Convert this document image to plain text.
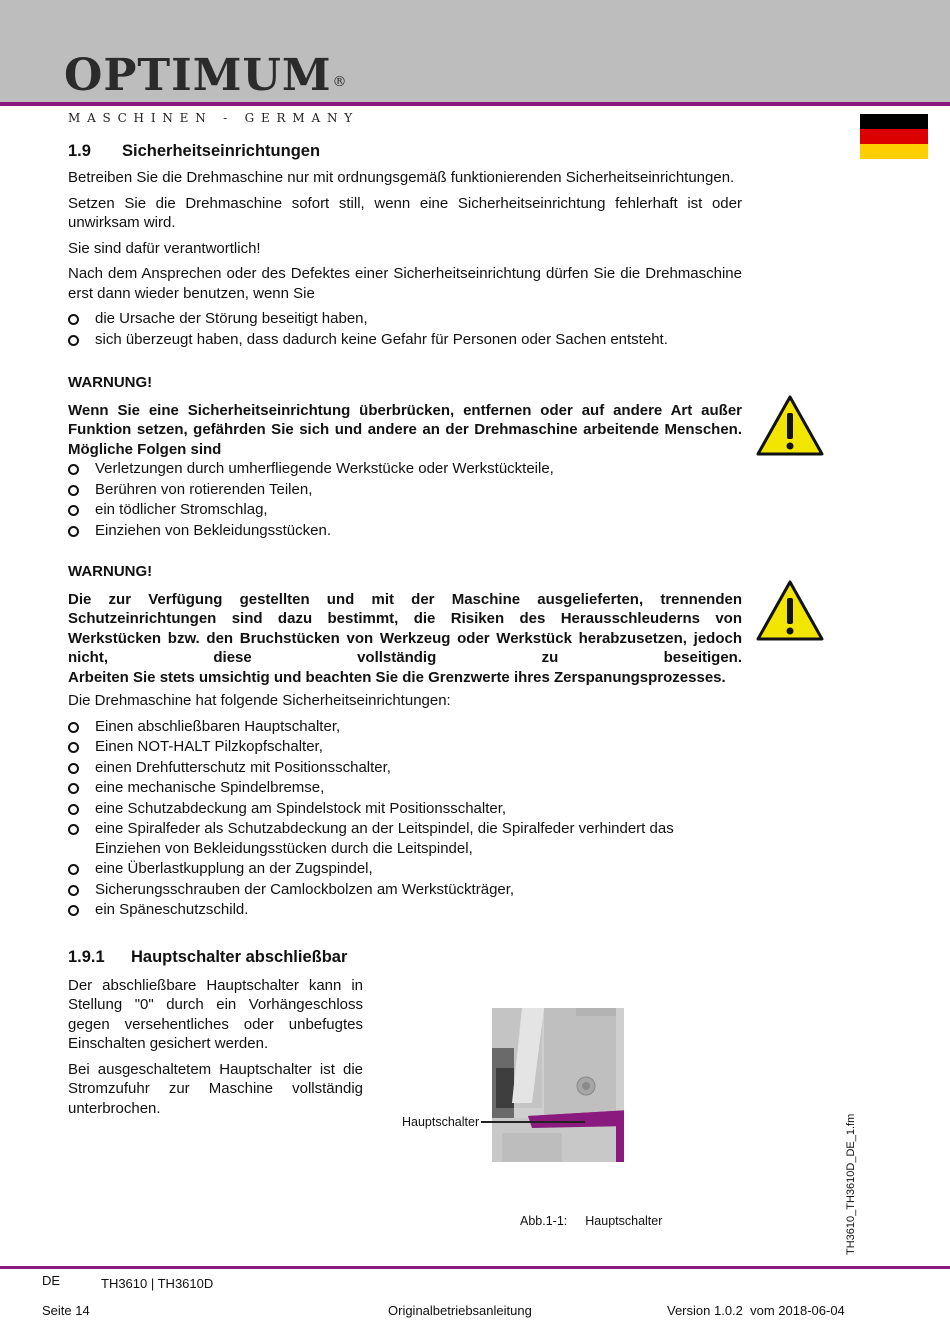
OPTIMUM®
MASCHINEN - GERMANY
1.9 Sicherheitseinrichtungen

Betreiben Sie die Drehmaschine nur mit ordnungsgemäß funktionierenden Sicherheitseinrichtungen.

Setzen Sie die Drehmaschine sofort still, wenn eine Sicherheitseinrichtung fehlerhaft ist oder unwirksam wird.

Sie sind dafür verantwortlich!

Nach dem Ansprechen oder des Defektes einer Sicherheitseinrichtung dürfen Sie die Drehmaschine erst dann wieder benutzen, wenn Sie

die Ursache der Störung beseitigt haben,
sich überzeugt haben, dass dadurch keine Gefahr für Personen oder Sachen entsteht.
WARNUNG!

Wenn Sie eine Sicherheitseinrichtung überbrücken, entfernen oder auf andere Art außer Funktion setzen, gefährden Sie sich und andere an der Drehmaschine arbeitende Menschen. Mögliche Folgen sind

Verletzungen durch umherfliegende Werkstücke oder Werkstückteile,
Berühren von rotierenden Teilen,
ein tödlicher Stromschlag,
Einziehen von Bekleidungsstücken.
WARNUNG!

Die zur Verfügung gestellten und mit der Maschine ausgelieferten, trennenden Schutzeinrichtungen sind dazu bestimmt, die Risiken des Herausschleuderns von Werkstücken bzw. den Bruchstücken von Werkzeug oder Werkstück herabzusetzen, jedoch nicht, diese vollständig zu beseitigen.

Arbeiten Sie stets umsichtig und beachten Sie die Grenzwerte ihres Zerspanungsprozesses.

Die Drehmaschine hat folgende Sicherheitseinrichtungen:

Einen abschließbaren Hauptschalter,
Einen NOT-HALT Pilzkopfschalter,
einen Drehfutterschutz mit Positionsschalter,
eine mechanische Spindelbremse,
eine Schutzabdeckung am Spindelstock mit Positionsschalter,
eine Spiralfeder als Schutzabdeckung an der Leitspindel, die Spiralfeder verhindert das Einziehen von Bekleidungsstücken durch die Leitspindel,
eine Überlastkupplung an der Zugspindel,
Sicherungsschrauben der Camlockbolzen am Werkstückträger,
ein Späneschutzschild.
1.9.1 Hauptschalter abschließbar

Der abschließbare Hauptschalter kann in Stellung "0" durch ein Vorhängeschloss gegen versehentliches oder unbefugtes Einschalten gesichert werden.

Bei ausgeschaltetem Hauptschalter ist die Stromzufuhr zur Maschine vollständig unterbrochen.

Hauptschalter
Abb.1-1: Hauptschalter	TH3610_TH3610D_DE_1.fm
DE	TH3610 | TH3610D
Seite 14	Originalbetriebsanleitung	Version 1.0.2  vom 2018-06-04
